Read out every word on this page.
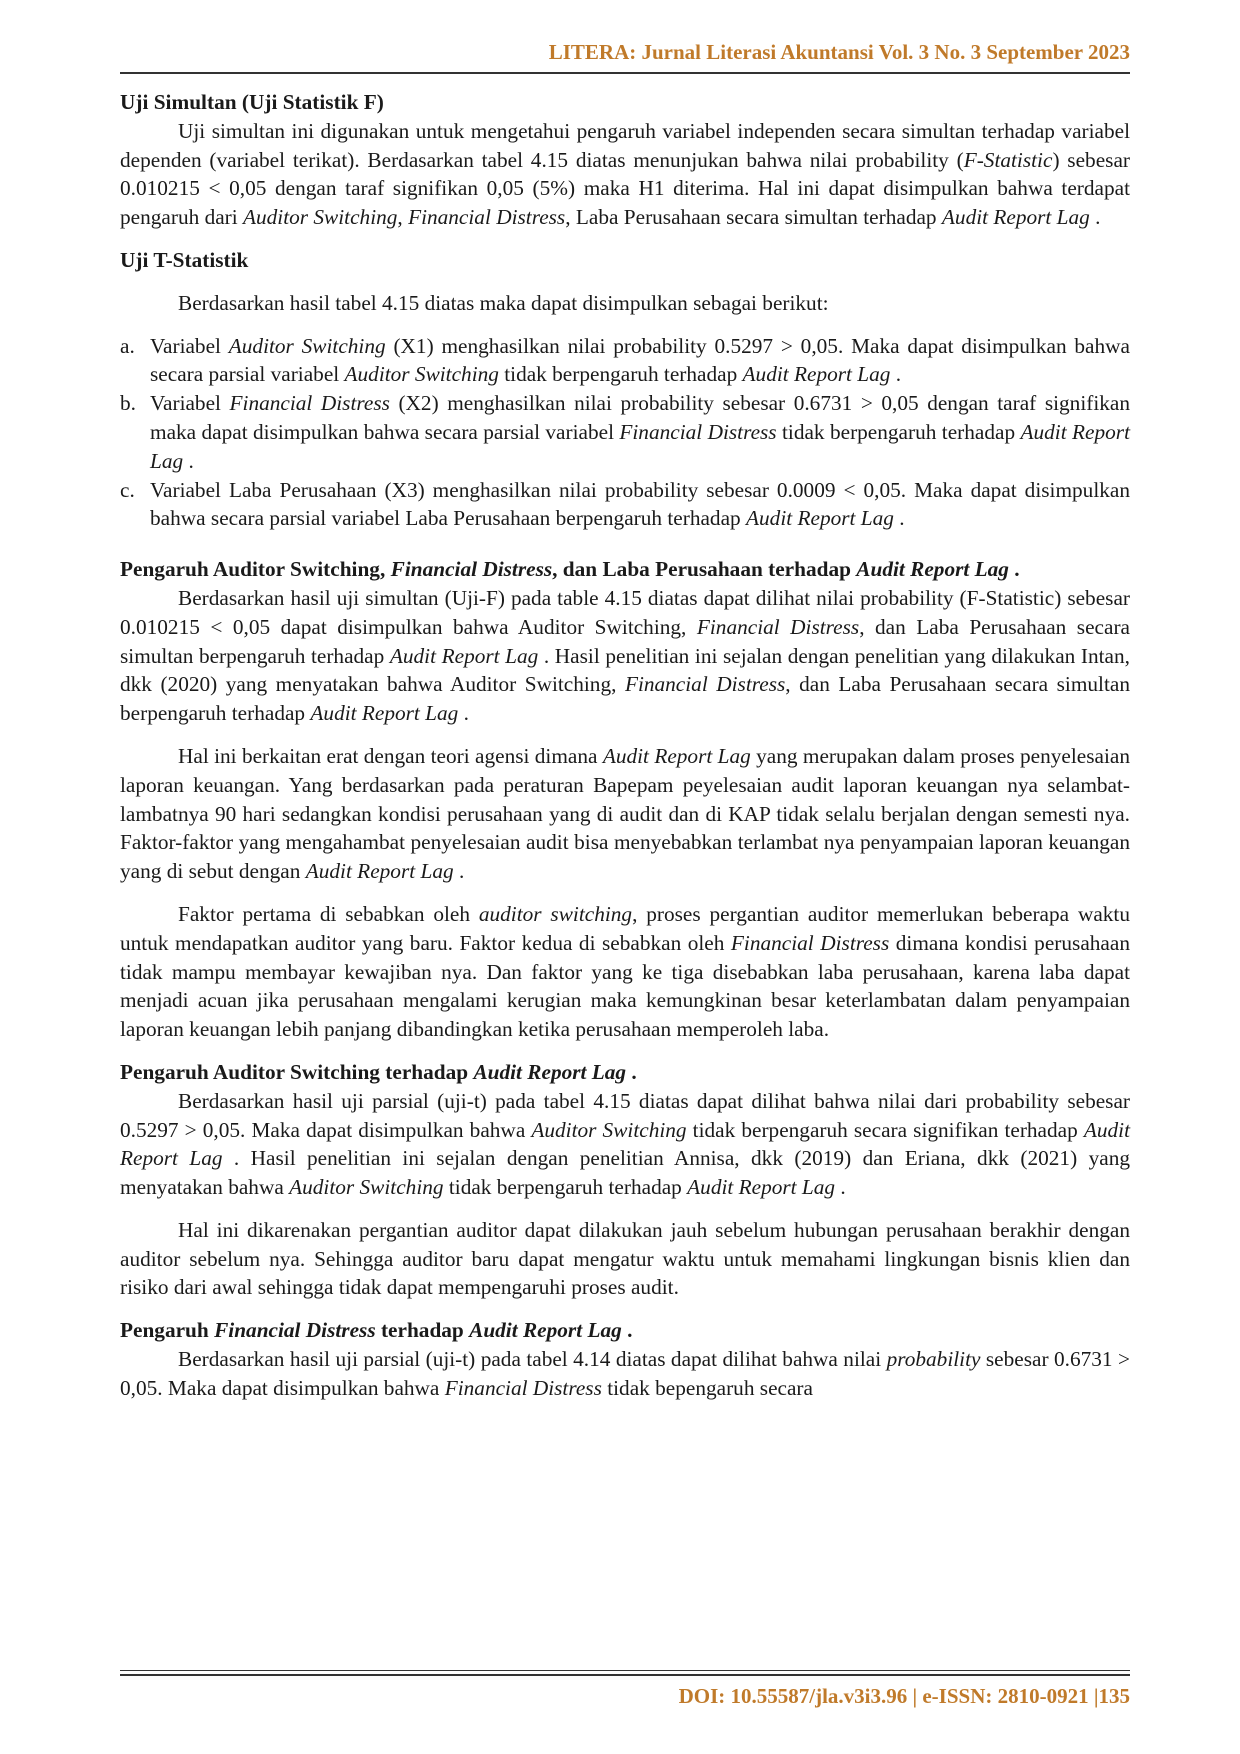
LITERA: Jurnal Literasi Akuntansi Vol. 3 No. 3 September 2023
Uji Simultan (Uji Statistik F)

Uji simultan ini digunakan untuk mengetahui pengaruh variabel independen secara simultan terhadap variabel dependen (variabel terikat). Berdasarkan tabel 4.15 diatas menunjukan bahwa nilai probability (F-Statistic) sebesar 0.010215 < 0,05 dengan taraf signifikan 0,05 (5%) maka H1 diterima. Hal ini dapat disimpulkan bahwa terdapat pengaruh dari Auditor Switching, Financial Distress, Laba Perusahaan secara simultan terhadap Audit Report Lag .

Uji T-Statistik

Berdasarkan hasil tabel 4.15 diatas maka dapat disimpulkan sebagai berikut:

a. Variabel Auditor Switching (X1) menghasilkan nilai probability 0.5297 > 0,05. Maka dapat disimpulkan bahwa secara parsial variabel Auditor Switching tidak berpengaruh terhadap Audit Report Lag .
b. Variabel Financial Distress (X2) menghasilkan nilai probability sebesar 0.6731 > 0,05 dengan taraf signifikan maka dapat disimpulkan bahwa secara parsial variabel Financial Distress tidak berpengaruh terhadap Audit Report Lag .
c. Variabel Laba Perusahaan (X3) menghasilkan nilai probability sebesar 0.0009 < 0,05. Maka dapat disimpulkan bahwa secara parsial variabel Laba Perusahaan berpengaruh terhadap Audit Report Lag .
Pengaruh Auditor Switching, Financial Distress, dan Laba Perusahaan terhadap Audit Report Lag .

Berdasarkan hasil uji simultan (Uji-F) pada table 4.15 diatas dapat dilihat nilai probability (F-Statistic) sebesar 0.010215 < 0,05 dapat disimpulkan bahwa Auditor Switching, Financial Distress, dan Laba Perusahaan secara simultan berpengaruh terhadap Audit Report Lag . Hasil penelitian ini sejalan dengan penelitian yang dilakukan Intan, dkk (2020) yang menyatakan bahwa Auditor Switching, Financial Distress, dan Laba Perusahaan secara simultan berpengaruh terhadap Audit Report Lag .

Hal ini berkaitan erat dengan teori agensi dimana Audit Report Lag yang merupakan dalam proses penyelesaian laporan keuangan. Yang berdasarkan pada peraturan Bapepam peyelesaian audit laporan keuangan nya selambat-lambatnya 90 hari sedangkan kondisi perusahaan yang di audit dan di KAP tidak selalu berjalan dengan semesti nya. Faktor-faktor yang mengahambat penyelesaian audit bisa menyebabkan terlambat nya penyampaian laporan keuangan yang di sebut dengan Audit Report Lag .

Faktor pertama di sebabkan oleh auditor switching, proses pergantian auditor memerlukan beberapa waktu untuk mendapatkan auditor yang baru. Faktor kedua di sebabkan oleh Financial Distress dimana kondisi perusahaan tidak mampu membayar kewajiban nya. Dan faktor yang ke tiga disebabkan laba perusahaan, karena laba dapat menjadi acuan jika perusahaan mengalami kerugian maka kemungkinan besar keterlambatan dalam penyampaian laporan keuangan lebih panjang dibandingkan ketika perusahaan memperoleh laba.

Pengaruh Auditor Switching terhadap Audit Report Lag .

Berdasarkan hasil uji parsial (uji-t) pada tabel 4.15 diatas dapat dilihat bahwa nilai dari probability sebesar 0.5297 > 0,05. Maka dapat disimpulkan bahwa Auditor Switching tidak berpengaruh secara signifikan terhadap Audit Report Lag . Hasil penelitian ini sejalan dengan penelitian Annisa, dkk (2019) dan Eriana, dkk (2021) yang menyatakan bahwa Auditor Switching tidak berpengaruh terhadap Audit Report Lag .

Hal ini dikarenakan pergantian auditor dapat dilakukan jauh sebelum hubungan perusahaan berakhir dengan auditor sebelum nya. Sehingga auditor baru dapat mengatur waktu untuk memahami lingkungan bisnis klien dan risiko dari awal sehingga tidak dapat mempengaruhi proses audit.

Pengaruh Financial Distress terhadap Audit Report Lag .

Berdasarkan hasil uji parsial (uji-t) pada tabel 4.14 diatas dapat dilihat bahwa nilai probability sebesar 0.6731 > 0,05. Maka dapat disimpulkan bahwa Financial Distress tidak bepengaruh secara

DOI: 10.55587/jla.v3i3.96 | e-ISSN: 2810-0921 |135
